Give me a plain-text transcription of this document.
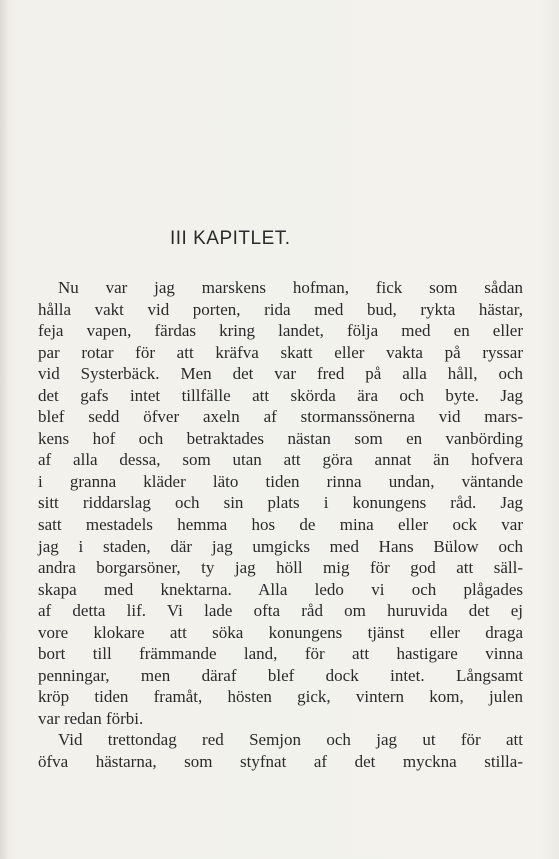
III KAPITLET.
Nu var jag marskens hofman, fick som sådan
hålla vakt vid porten, rida med bud, rykta hästar,
feja vapen, färdas kring landet, följa med en eller
par rotar för att kräfva skatt eller vakta på ryssar
vid Systerbäck. Men det var fred på alla håll, och
det gafs intet tillfälle att skörda ära och byte. Jag
blef sedd öfver axeln af stormanssönerna vid mars-
kens hof och betraktades nästan som en vanbörding
af alla dessa, som utan att göra annat än hofvera
i granna kläder läto tiden rinna undan, väntande
sitt riddarslag och sin plats i konungens råd. Jag
satt mestadels hemma hos de mina eller ock var
jag i staden, där jag umgicks med Hans Bülow och
andra borgarsöner, ty jag höll mig för god att säll-
skapa med knektarna. Alla ledo vi och plågades
af detta lif. Vi lade ofta råd om huruvida det ej
vore klokare att söka konungens tjänst eller draga
bort till främmande land, för att hastigare vinna
penningar, men däraf blef dock intet. Långsamt
kröp tiden framåt, hösten gick, vintern kom, julen
var redan förbi.
Vid trettondag red Semjon och jag ut för att
öfva hästarna, som styfnat af det myckna stilla-
